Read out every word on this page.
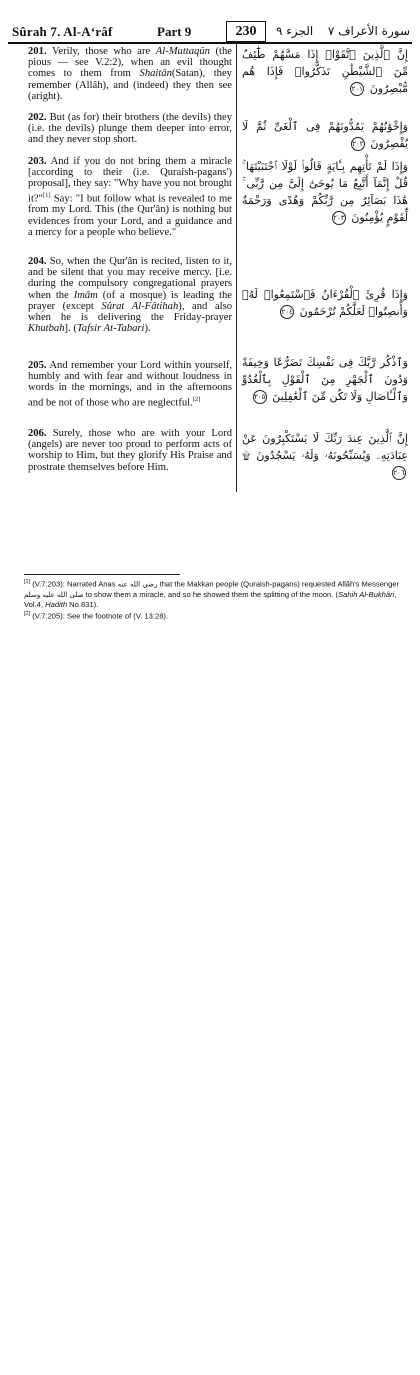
Sûrah 7. Al-A‘râf	Part 9	230	الجزء ٩ سورة الأعراف ٧

201. Verily, those who are Al-Muttaqûn (the pious — see V.2:2), when an evil thought comes to them from Shaitân(Satan), they remember (Allâh), and (indeed) they then see (aright).

202. But (as for) their brothers (the devils) they (i.e. the devils) plunge them deeper into error, and they never stop short.

203. And if you do not bring them a miracle [according to their (i.e. Quraish-pagans') proposal], they say: "Why have you not brought it?"[1] Say: "I but follow what is revealed to me from my Lord. This (the Qur'ân) is nothing but evidences from your Lord, and a guidance and a mercy for a people who believe."

204. So, when the Qur'ân is recited, listen to it, and be silent that you may receive mercy. [i.e. during the compulsory congregational prayers when the Imâm (of a mosque) is leading the prayer (except Sûrat Al-Fâtihah), and also when he is delivering the Friday-prayer Khutbah]. (Tafsir At-Tabari).

205. And remember your Lord within yourself, humbly and with fear and without loudness in words in the mornings, and in the afternoons and be not of those who are neglectful.[2]

206. Surely, those who are with your Lord (angels) are never too proud to perform acts of worship to Him, but they glorify His Praise and prostrate themselves before Him.

إِنَّ ٱلَّذِينَ ٱتَّقَوْا۟ إِذَا مَسَّهُمْ طَٰٓئِفٌ مِّنَ ٱلشَّيْطَٰنِ تَذَكَّرُوا۟ فَإِذَا هُم مُّبْصِرُونَ ٢٠١

وَإِخْوَٰنُهُمْ يَمُدُّونَهُمْ فِى ٱلْغَىِّ ثُمَّ لَا يُقْصِرُونَ ٢٠٢

وَإِذَا لَمْ تَأْتِهِم بِـَٔايَةٍ قَالُوا۟ لَوْلَا ٱجْتَبَيْتَهَا ۚ قُلْ إِنَّمَآ أَتَّبِعُ مَا يُوحَىٰٓ إِلَىَّ مِن رَّبِّى ۚ هَٰذَا بَصَآئِرُ مِن رَّبِّكُمْ وَهُدًى وَرَحْمَةٌ لِّقَوْمٍ يُؤْمِنُونَ ٢٠٣

وَإِذَا قُرِئَ ٱلْقُرْءَانُ فَٱسْتَمِعُوا۟ لَهُۥ وَأَنصِتُوا۟ لَعَلَّكُمْ تُرْحَمُونَ ٢٠٤

وَٱذْكُر رَّبَّكَ فِى نَفْسِكَ تَضَرُّعًا وَخِيفَةً وَدُونَ ٱلْجَهْرِ مِنَ ٱلْقَوْلِ بِٱلْغُدُوِّ وَٱلْـَٔاصَالِ وَلَا تَكُن مِّنَ ٱلْغَٰفِلِينَ ٢٠٥

إِنَّ ٱلَّذِينَ عِندَ رَبِّكَ لَا يَسْتَكْبِرُونَ عَنْ عِبَادَتِهِۦ وَيُسَبِّحُونَهُۥ وَلَهُۥ يَسْجُدُونَ ۩ ٢٠٦

[1] (V.7:203): Narrated Anas رضي الله عنه that the Makkan people (Quraish-pagans) requested Allâh's Messenger صلى الله عليه وسلم to show them a miracle, and so he showed them the splitting of the moon. (Sahih Al-Bukhâri, Vol.4, Hadith No.831).

[2] (V.7:205): See the footnote of (V. 13:28).
